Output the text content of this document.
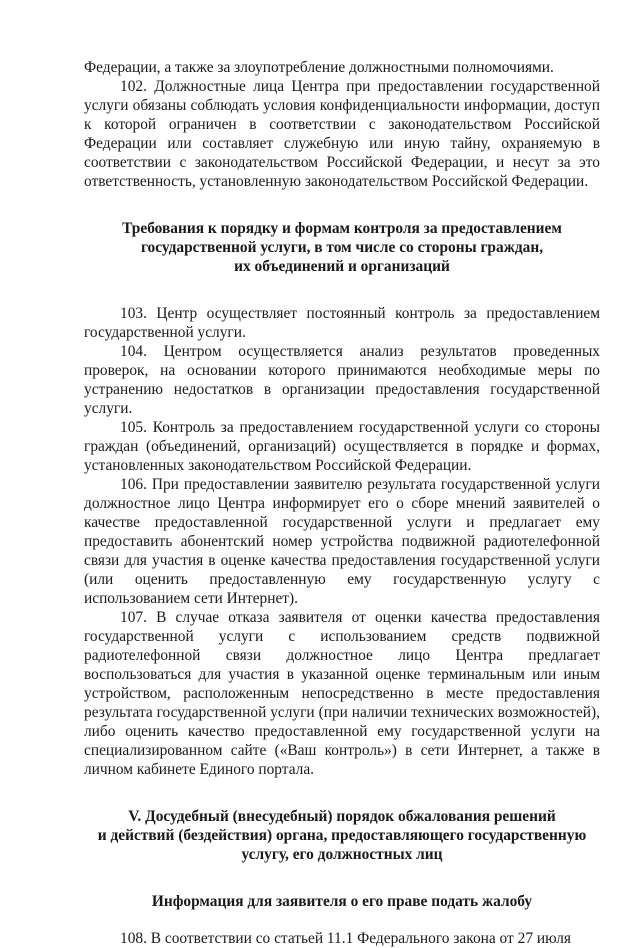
Федерации, а также за злоупотребление должностными полномочиями.

102. Должностные лица Центра при предоставлении государственной услуги обязаны соблюдать условия конфиденциальности информации, доступ к которой ограничен в соответствии с законодательством Российской Федерации или составляет служебную или иную тайну, охраняемую в соответствии с законодательством Российской Федерации, и несут за это ответственность, установленную законодательством Российской Федерации.

Требования к порядку и формам контроля за предоставлением
государственной услуги, в том числе со стороны граждан,
их объединений и организаций

103. Центр осуществляет постоянный контроль за предоставлением государственной услуги.

104. Центром осуществляется анализ результатов проведенных проверок, на основании которого принимаются необходимые меры по устранению недостатков в организации предоставления государственной услуги.

105. Контроль за предоставлением государственной услуги со стороны граждан (объединений, организаций) осуществляется в порядке и формах, установленных законодательством Российской Федерации.

106. При предоставлении заявителю результата государственной услуги должностное лицо Центра информирует его о сборе мнений заявителей о качестве предоставленной государственной услуги и предлагает ему предоставить абонентский номер устройства подвижной радиотелефонной связи для участия в оценке качества предоставления государственной услуги (или оценить предоставленную ему государственную услугу с использованием сети Интернет).

107. В случае отказа заявителя от оценки качества предоставления государственной услуги с использованием средств подвижной радиотелефонной связи должностное лицо Центра предлагает воспользоваться для участия в указанной оценке терминальным или иным устройством, расположенным непосредственно в месте предоставления результата государственной услуги (при наличии технических возможностей), либо оценить качество предоставленной ему государственной услуги на специализированном сайте («Ваш контроль») в сети Интернет, а также в личном кабинете Единого портала.

V. Досудебный (внесудебный) порядок обжалования решений
и действий (бездействия) органа, предоставляющего государственную
услугу, его должностных лиц
Информация для заявителя о его праве подать жалобу

108. В соответствии со статьей 11.1 Федерального закона от 27 июля
